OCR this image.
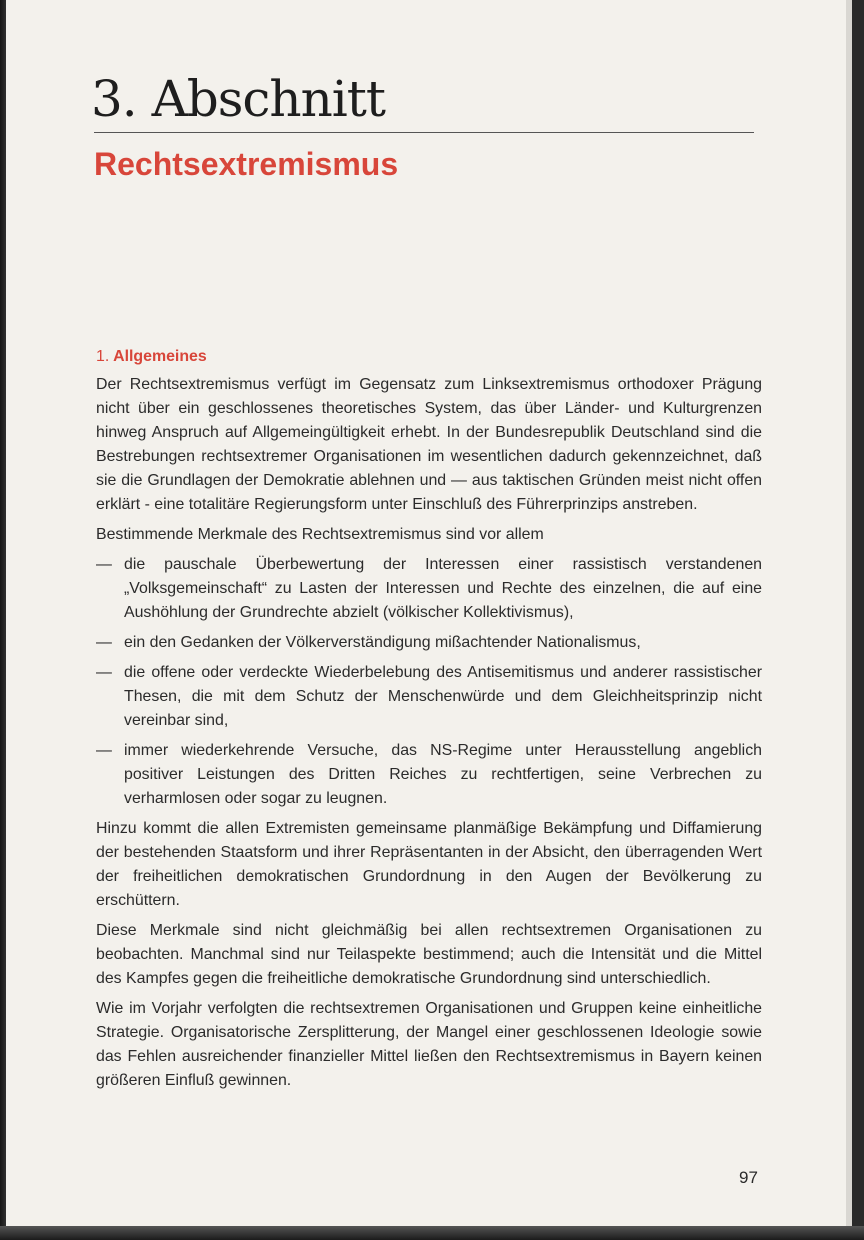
3. Abschnitt
Rechtsextremismus
1. Allgemeines

Der Rechtsextremismus verfügt im Gegensatz zum Linksextremismus orthodoxer Prägung nicht über ein geschlossenes theoretisches System, das über Länder- und Kulturgrenzen hinweg Anspruch auf Allgemeingültigkeit erhebt. In der Bundesrepublik Deutschland sind die Bestrebungen rechtsextremer Organisationen im wesentlichen dadurch gekennzeichnet, daß sie die Grundlagen der Demokratie ablehnen und — aus taktischen Gründen meist nicht offen erklärt - eine totalitäre Regierungsform unter Einschluß des Führerprinzips anstreben.

Bestimmende Merkmale des Rechtsextremismus sind vor allem

— die pauschale Überbewertung der Interessen einer rassistisch verstandenen „Volksgemeinschaft“ zu Lasten der Interessen und Rechte des einzelnen, die auf eine Aushöhlung der Grundrechte abzielt (völkischer Kollektivismus),
— ein den Gedanken der Völkerverständigung mißachtender Nationalismus,
— die offene oder verdeckte Wiederbelebung des Antisemitismus und anderer rassistischer Thesen, die mit dem Schutz der Menschenwürde und dem Gleichheitsprinzip nicht vereinbar sind,
— immer wiederkehrende Versuche, das NS-Regime unter Herausstellung angeblich positiver Leistungen des Dritten Reiches zu rechtfertigen, seine Verbrechen zu verharmlosen oder sogar zu leugnen.

Hinzu kommt die allen Extremisten gemeinsame planmäßige Bekämpfung und Diffamierung der bestehenden Staatsform und ihrer Repräsentanten in der Absicht, den überragenden Wert der freiheitlichen demokratischen Grundordnung in den Augen der Bevölkerung zu erschüttern.

Diese Merkmale sind nicht gleichmäßig bei allen rechtsextremen Organisationen zu beobachten. Manchmal sind nur Teilaspekte bestimmend; auch die Intensität und die Mittel des Kampfes gegen die freiheitliche demokratische Grundordnung sind unterschiedlich.

Wie im Vorjahr verfolgten die rechtsextremen Organisationen und Gruppen keine einheitliche Strategie. Organisatorische Zersplitterung, der Mangel einer geschlossenen Ideologie sowie das Fehlen ausreichender finanzieller Mittel ließen den Rechtsextremismus in Bayern keinen größeren Einfluß gewinnen.

97
